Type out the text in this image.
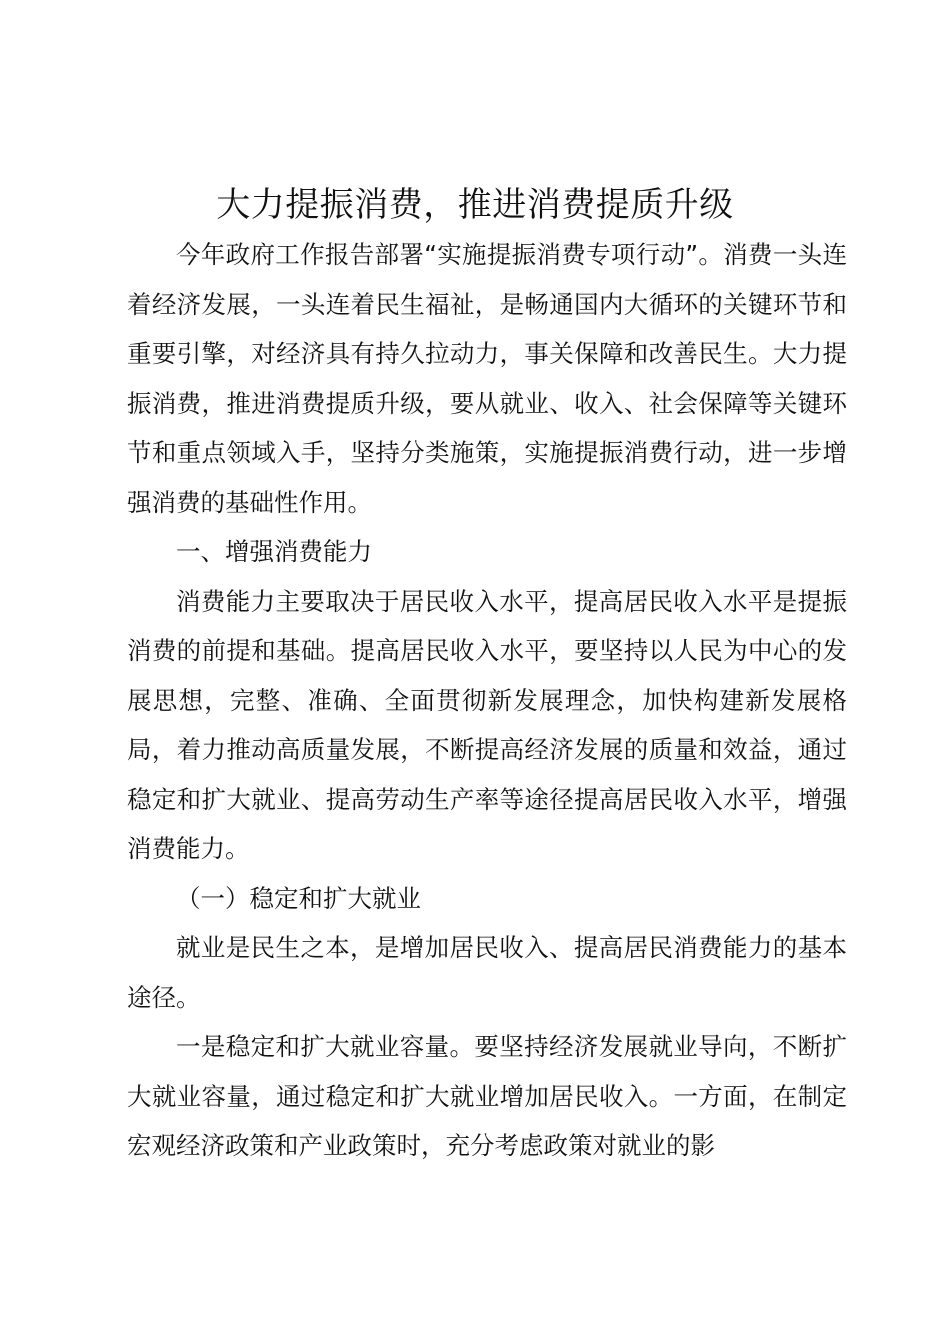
大力提振消费，推进消费提质升级

今年政府工作报告部署“实施提振消费专项行动”。消费一头连着经济发展，一头连着民生福祉，是畅通国内大循环的关键环节和重要引擎，对经济具有持久拉动力，事关保障和改善民生。大力提振消费，推进消费提质升级，要从就业、收入、社会保障等关键环节和重点领域入手，坚持分类施策，实施提振消费行动，进一步增强消费的基础性作用。

一、增强消费能力

消费能力主要取决于居民收入水平，提高居民收入水平是提振消费的前提和基础。提高居民收入水平，要坚持以人民为中心的发展思想，完整、准确、全面贯彻新发展理念，加快构建新发展格局，着力推动高质量发展，不断提高经济发展的质量和效益，通过稳定和扩大就业、提高劳动生产率等途径提高居民收入水平，增强消费能力。

（一）稳定和扩大就业

就业是民生之本，是增加居民收入、提高居民消费能力的基本途径。

一是稳定和扩大就业容量。要坚持经济发展就业导向，不断扩大就业容量，通过稳定和扩大就业增加居民收入。一方面，在制定宏观经济政策和产业政策时，充分考虑政策对就业的影
